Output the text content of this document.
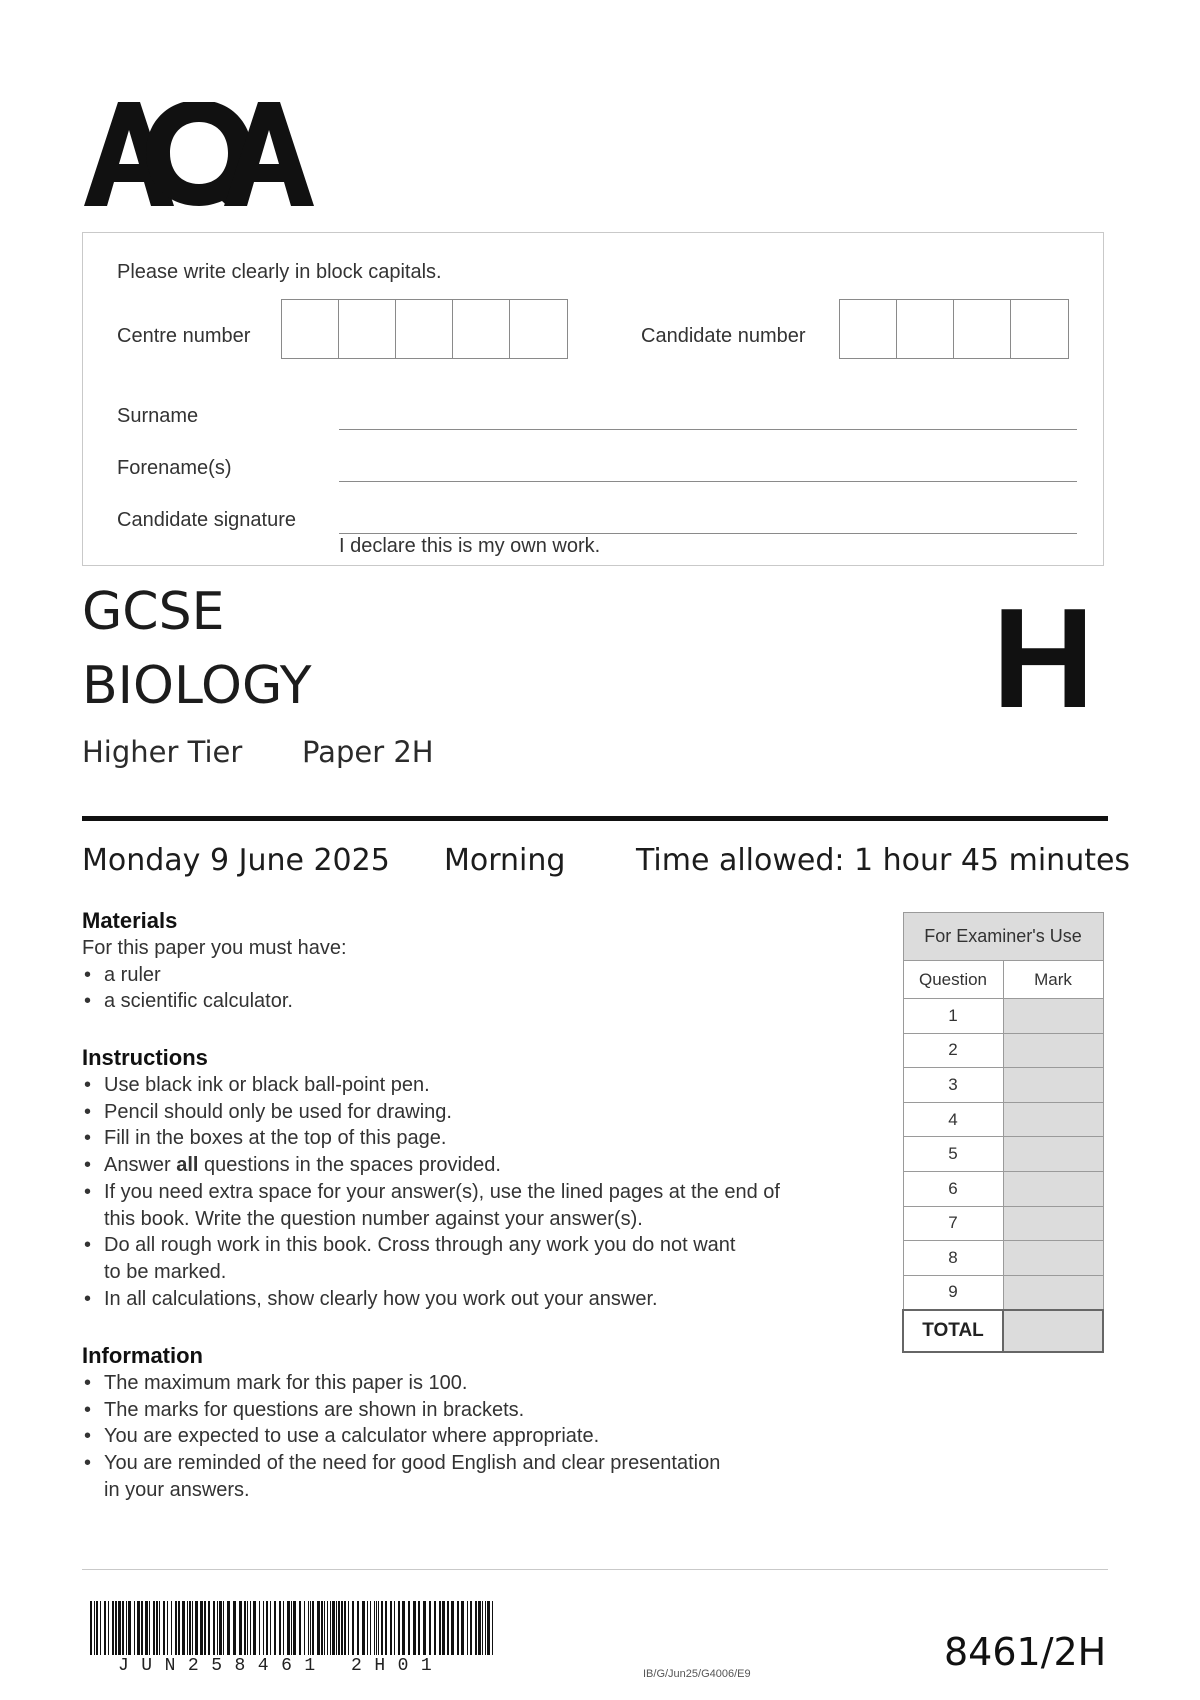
Please write clearly in block capitals.
Centre number	Candidate number
Surname
Forename(s)
Candidate signature
I declare this is my own work.
GCSE
BIOLOGY
Higher Tier Paper 2H
H
Monday 9 June 2025 Morning Time allowed: 1 hour 45 minutes
Materials
For this paper you must have:
• a ruler
• a scientific calculator.
Instructions
• Use black ink or black ball-point pen.
• Pencil should only be used for drawing.
• Fill in the boxes at the top of this page.
• Answer all questions in the spaces provided.
• If you need extra space for your answer(s), use the lined pages at the end of
this book. Write the question number against your answer(s).
• Do all rough work in this book. Cross through any work you do not want
to be marked.
• In all calculations, show clearly how you work out your answer.
Information
• The maximum mark for this paper is 100.
• The marks for questions are shown in brackets.
• You are expected to use a calculator where appropriate.
• You are reminded of the need for good English and clear presentation
in your answers.
For Examiner's Use	
Question	Mark
1	
2	
3	
4	
5	
6	
7	
8	
9	
TOTAL	
JUN258461 2H01	IB/G/Jun25/G4006/E9	8461/2H
